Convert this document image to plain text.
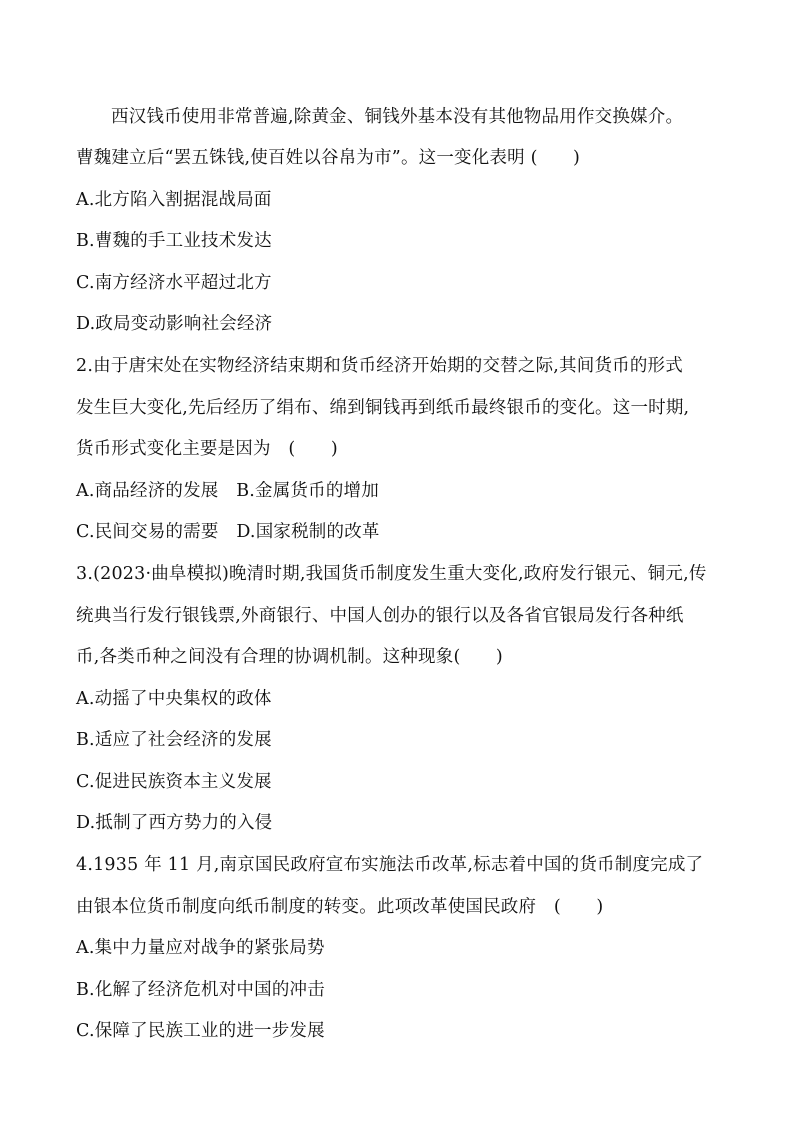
西汉钱币使用非常普遍,除黄金、铜钱外基本没有其他物品用作交换媒介。
曹魏建立后“罢五铢钱,使百姓以谷帛为市”。这一变化表明 (　　)
A.北方陷入割据混战局面
B.曹魏的手工业技术发达
C.南方经济水平超过北方
D.政局变动影响社会经济
2.由于唐宋处在实物经济结束期和货币经济开始期的交替之际,其间货币的形式
发生巨大变化,先后经历了绢布、绵到铜钱再到纸币最终银币的变化。这一时期,
货币形式变化主要是因为　(　　)
A.商品经济的发展　B.金属货币的增加
C.民间交易的需要　D.国家税制的改革
3.(2023·曲阜模拟)晚清时期,我国货币制度发生重大变化,政府发行银元、铜元,传
统典当行发行银钱票,外商银行、中国人创办的银行以及各省官银局发行各种纸
币,各类币种之间没有合理的协调机制。这种现象(　　)
A.动摇了中央集权的政体
B.适应了社会经济的发展
C.促进民族资本主义发展
D.抵制了西方势力的入侵
4.1935 年 11 月,南京国民政府宣布实施法币改革,标志着中国的货币制度完成了
由银本位货币制度向纸币制度的转变。此项改革使国民政府　(　　)
A.集中力量应对战争的紧张局势
B.化解了经济危机对中国的冲击
C.保障了民族工业的进一步发展
